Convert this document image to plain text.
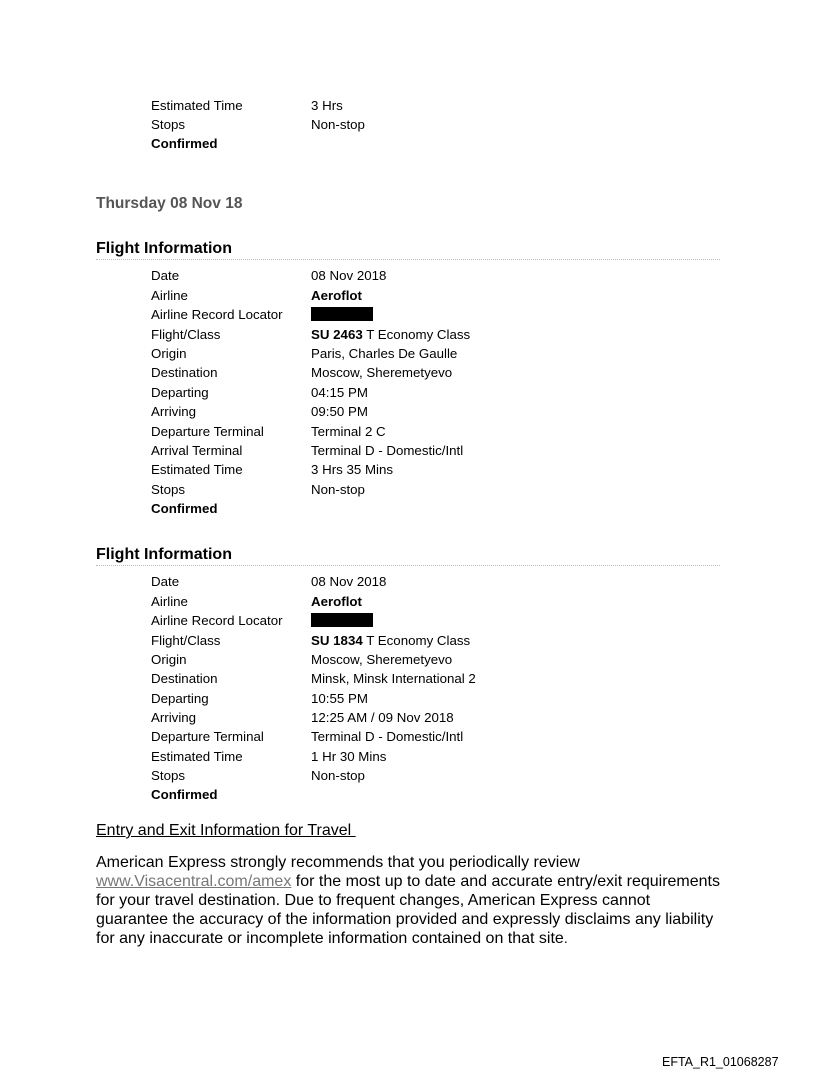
Estimated Time	3 Hrs
Stops	Non-stop
Confirmed
Thursday 08 Nov 18
Flight Information
Date	08 Nov 2018
Airline	Aeroflot
Airline Record Locator
Flight/Class	SU 2463 T Economy Class
Origin	Paris, Charles De Gaulle
Destination	Moscow, Sheremetyevo
Departing	04:15 PM
Arriving	09:50 PM
Departure Terminal	Terminal 2 C
Arrival Terminal	Terminal D - Domestic/Intl
Estimated Time	3 Hrs 35 Mins
Stops	Non-stop
Confirmed
Flight Information
Date	08 Nov 2018
Airline	Aeroflot
Airline Record Locator
Flight/Class	SU 1834 T Economy Class
Origin	Moscow, Sheremetyevo
Destination	Minsk, Minsk International 2
Departing	10:55 PM
Arriving	12:25 AM / 09 Nov 2018
Departure Terminal	Terminal D - Domestic/Intl
Estimated Time	1 Hr 30 Mins
Stops	Non-stop
Confirmed
Entry and Exit Information for Travel
American Express strongly recommends that you periodically review www.Visacentral.com/amex for the most up to date and accurate entry/exit requirements for your travel destination. Due to frequent changes, American Express cannot guarantee the accuracy of the information provided and expressly disclaims any liability for any inaccurate or incomplete information contained on that site.
EFTA_R1_01068287
